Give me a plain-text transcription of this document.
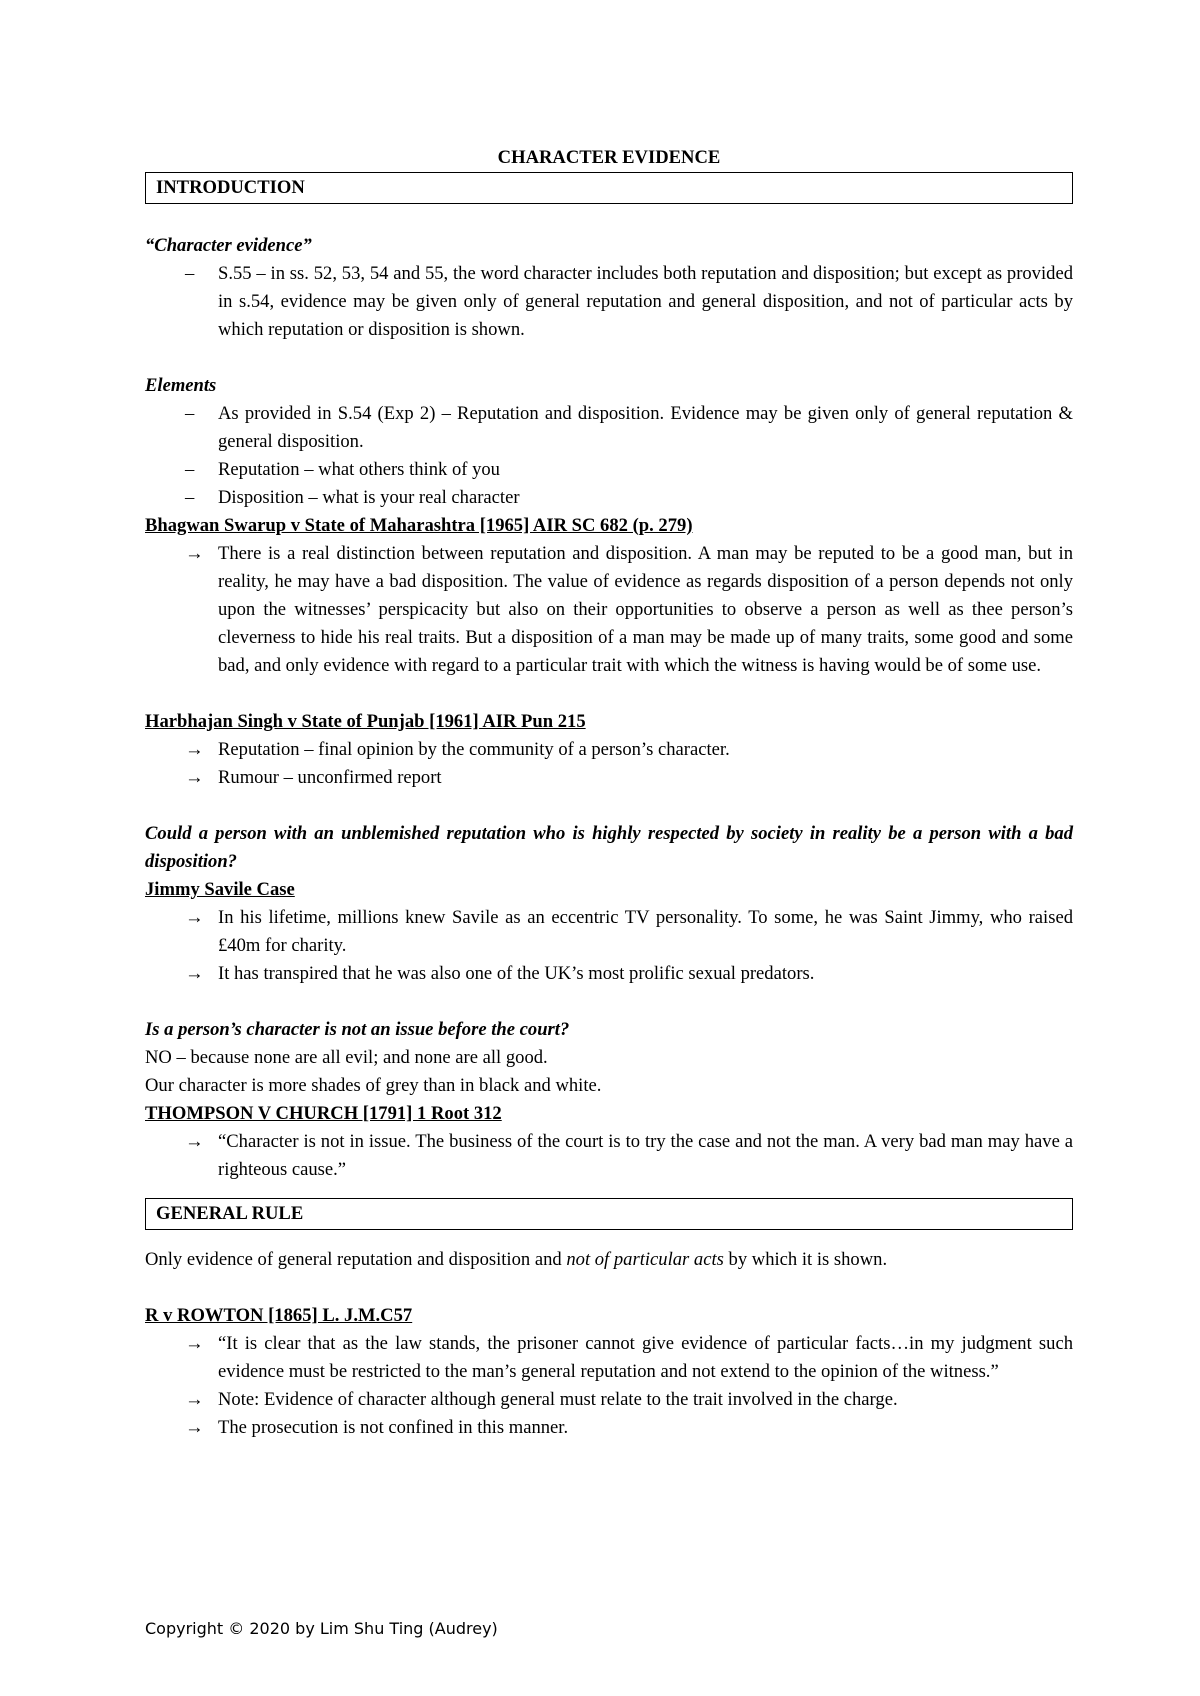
CHARACTER EVIDENCE
INTRODUCTION
“Character evidence”
–	S.55 – in ss. 52, 53, 54 and 55, the word character includes both reputation and disposition; but except as provided in s.54, evidence may be given only of general reputation and general disposition, and not of particular acts by which reputation or disposition is shown.
Elements
–	As provided in S.54 (Exp 2) – Reputation and disposition. Evidence may be given only of general reputation & general disposition.
–	Reputation – what others think of you
–	Disposition – what is your real character
Bhagwan Swarup v State of Maharashtra [1965] AIR SC 682 (p. 279)
→ There is a real distinction between reputation and disposition. A man may be reputed to be a good man, but in reality, he may have a bad disposition. The value of evidence as regards disposition of a person depends not only upon the witnesses’ perspicacity but also on their opportunities to observe a person as well as thee person’s cleverness to hide his real traits. But a disposition of a man may be made up of many traits, some good and some bad, and only evidence with regard to a particular trait with which the witness is having would be of some use.
Harbhajan Singh v State of Punjab [1961] AIR Pun 215
→ Reputation – final opinion by the community of a person’s character.
→ Rumour – unconfirmed report
Could a person with an unblemished reputation who is highly respected by society in reality be a person with a bad disposition?
Jimmy Savile Case
→ In his lifetime, millions knew Savile as an eccentric TV personality. To some, he was Saint Jimmy, who raised £40m for charity.
→ It has transpired that he was also one of the UK’s most prolific sexual predators.
Is a person’s character is not an issue before the court?
NO – because none are all evil; and none are all good.
Our character is more shades of grey than in black and white.
THOMPSON V CHURCH [1791] 1 Root 312
→ “Character is not in issue. The business of the court is to try the case and not the man. A very bad man may have a righteous cause.”
GENERAL RULE
Only evidence of general reputation and disposition and not of particular acts by which it is shown.
R v ROWTON [1865] L. J.M.C57
→ “It is clear that as the law stands, the prisoner cannot give evidence of particular facts…in my judgment such evidence must be restricted to the man’s general reputation and not extend to the opinion of the witness.”
→ Note: Evidence of character although general must relate to the trait involved in the charge.
→ The prosecution is not confined in this manner.
Copyright © 2020 by Lim Shu Ting (Audrey)
